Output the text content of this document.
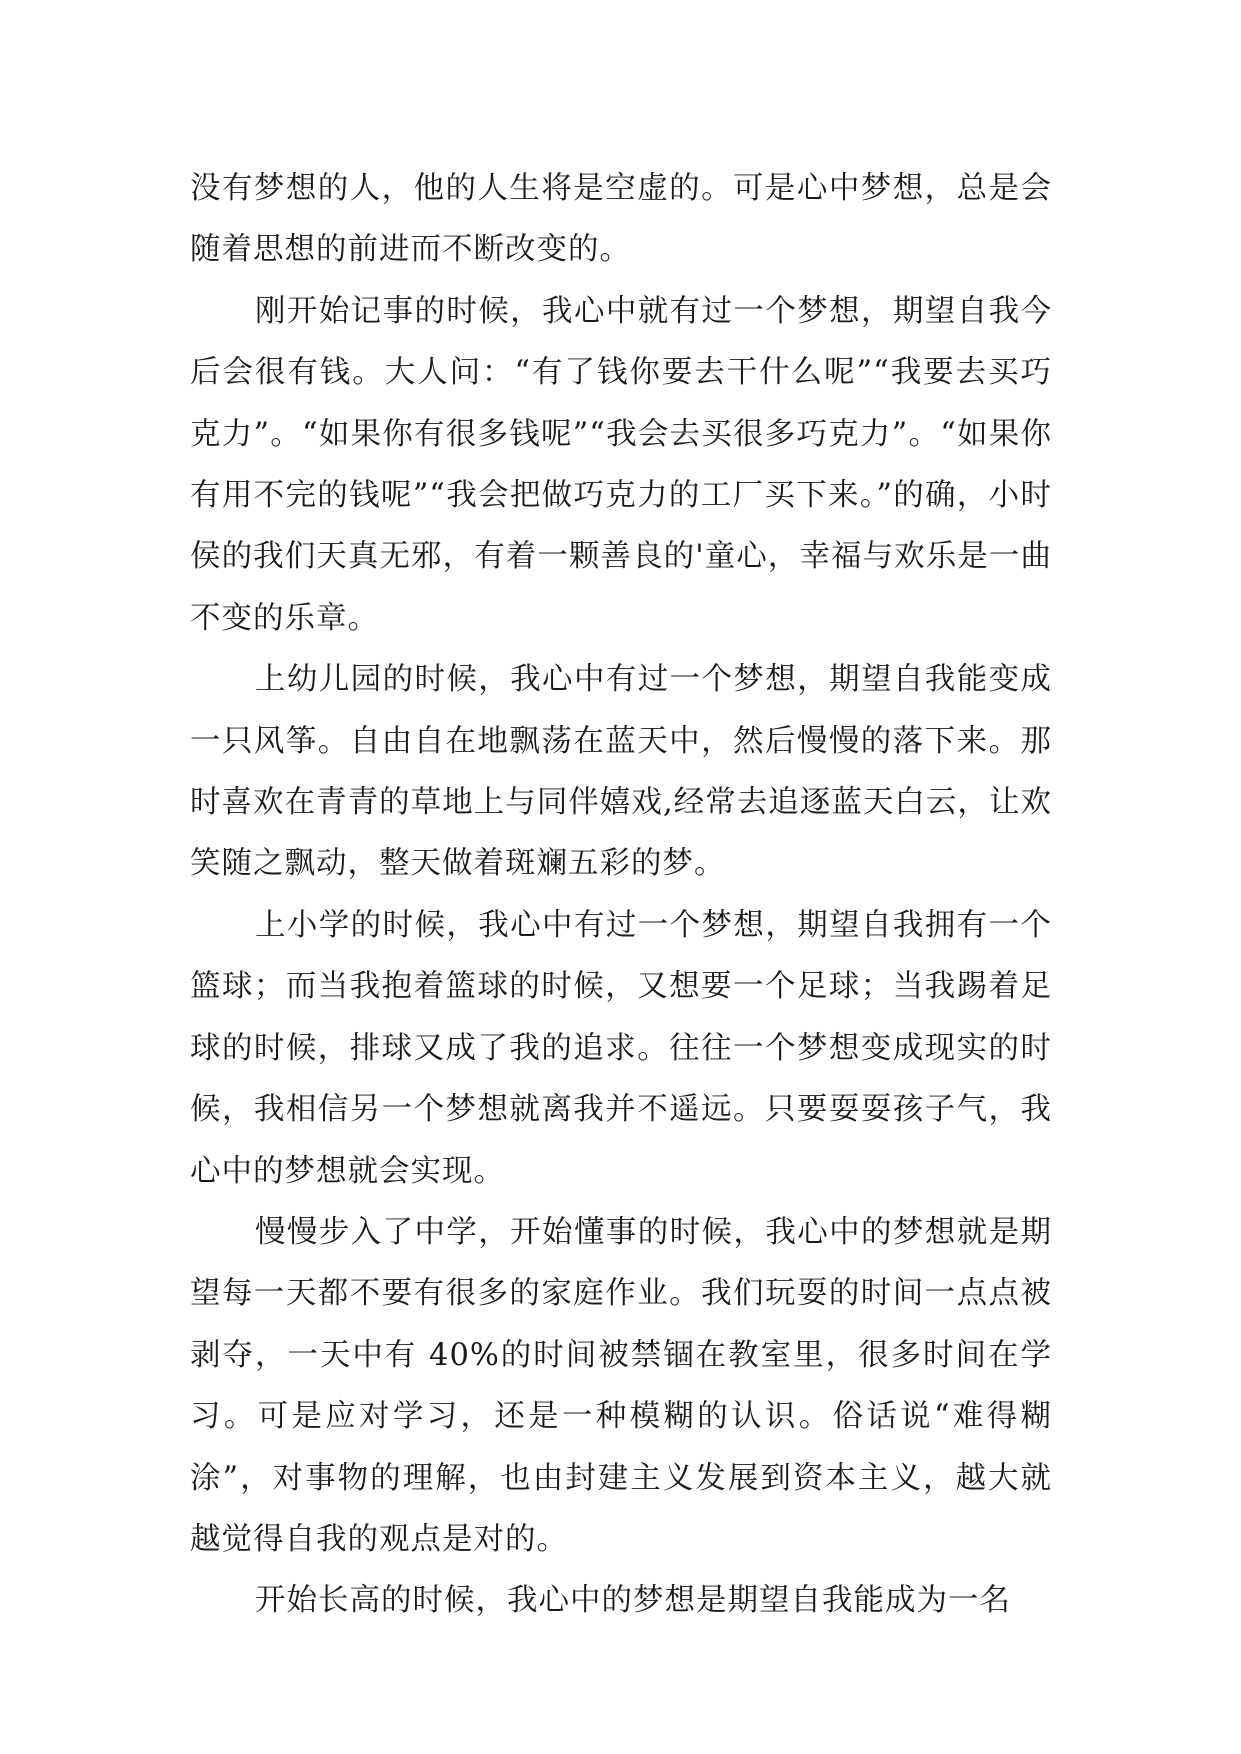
没有梦想的人，他的人生将是空虚的。可是心中梦想，总是会随着思想的前进而不断改变的。

刚开始记事的时候，我心中就有过一个梦想，期望自我今后会很有钱。大人问：“有了钱你要去干什么呢”“我要去买巧克力”。“如果你有很多钱呢”“我会去买很多巧克力”。“如果你有用不完的钱呢”“我会把做巧克力的工厂买下来。”的确，小时侯的我们天真无邪，有着一颗善良的'童心，幸福与欢乐是一曲不变的乐章。

上幼儿园的时候，我心中有过一个梦想，期望自我能变成一只风筝。自由自在地飘荡在蓝天中，然后慢慢的落下来。那时喜欢在青青的草地上与同伴嬉戏,经常去追逐蓝天白云，让欢笑随之飘动，整天做着斑斓五彩的梦。

上小学的时候，我心中有过一个梦想，期望自我拥有一个篮球；而当我抱着篮球的时候，又想要一个足球；当我踢着足球的时候，排球又成了我的追求。往往一个梦想变成现实的时候，我相信另一个梦想就离我并不遥远。只要耍耍孩子气，我心中的梦想就会实现。

慢慢步入了中学，开始懂事的时候，我心中的梦想就是期望每一天都不要有很多的家庭作业。我们玩耍的时间一点点被剥夺，一天中有 40%的时间被禁锢在教室里，很多时间在学习。可是应对学习，还是一种模糊的认识。俗话说“难得糊涂”，对事物的理解，也由封建主义发展到资本主义，越大就越觉得自我的观点是对的。

开始长高的时候，我心中的梦想是期望自我能成为一名
